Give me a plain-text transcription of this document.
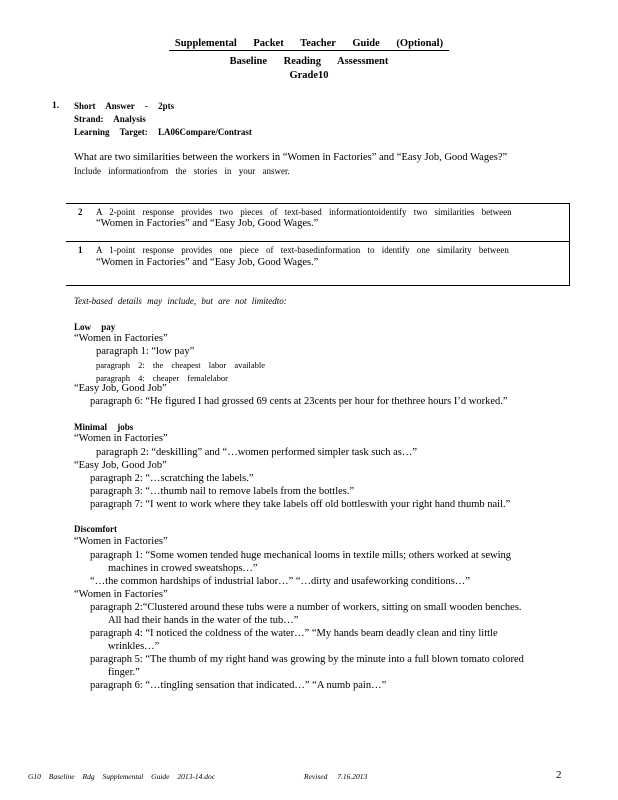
Supplemental Packet Teacher Guide (Optional)
Baseline Reading Assessment
Grade10
1. Short Answer - 2pts
Strand: Analysis
Learning Target: LA06Compare/Contrast
What are two similarities between the workers in “Women in Factories” and “Easy Job, Good Wages?”
Include informationfrom the stories in your answer.
2 A 2-point response provides two pieces of text-based informationtoidentify two similarities between
“Women in Factories” and “Easy Job, Good Wages.”
1 A 1-point response provides one piece of text-basedinformation to identify one similarity between
“Women in Factories” and “Easy Job, Good Wages.”
Text-based details may include, but are not limitedto:
Low pay
“Women in Factories”
paragraph 1: “low pay”
paragraph 2: the cheapest labor available
paragraph 4: cheaper femalelabor
“Easy Job, Good Job”
paragraph 6: “He figured I had grossed 69 cents at 23cents per hour for thethree hours I’d worked.”
Minimal jobs
“Women in Factories”
paragraph 2: “deskilling” and “…women performed simpler task such as…”
“Easy Job, Good Job”
paragraph 2: “…scratching the labels.”
paragraph 3: “…thumb nail to remove labels from the bottles.”
paragraph 7: “I went to work where they take labels off old bottleswith your right hand thumb nail.”
Discomfort
“Women in Factories”
paragraph 1: “Some women tended huge mechanical looms in textile mills; others worked at sewing
machines in crowed sweatshops…”
“…the common hardships of industrial labor…” “…dirty and usafeworking conditions…”
“Women in Factories”
paragraph 2:“Clustered around these tubs were a number of workers, sitting on small wooden benches.
All had their hands in the water of the tub…”
paragraph 4: “I noticed the coldness of the water…” “My hands beam deadly clean and tiny little
wrinkles…”
paragraph 5: “The thumb of my right hand was growing by the minute into a full blown tomato colored
finger.”
paragraph 6: “…tingling sensation that indicated…” “A numb pain…”
G10 Baseline Rdg Supplemental Guide 2013-14.doc	Revised 7.16.2013	2
